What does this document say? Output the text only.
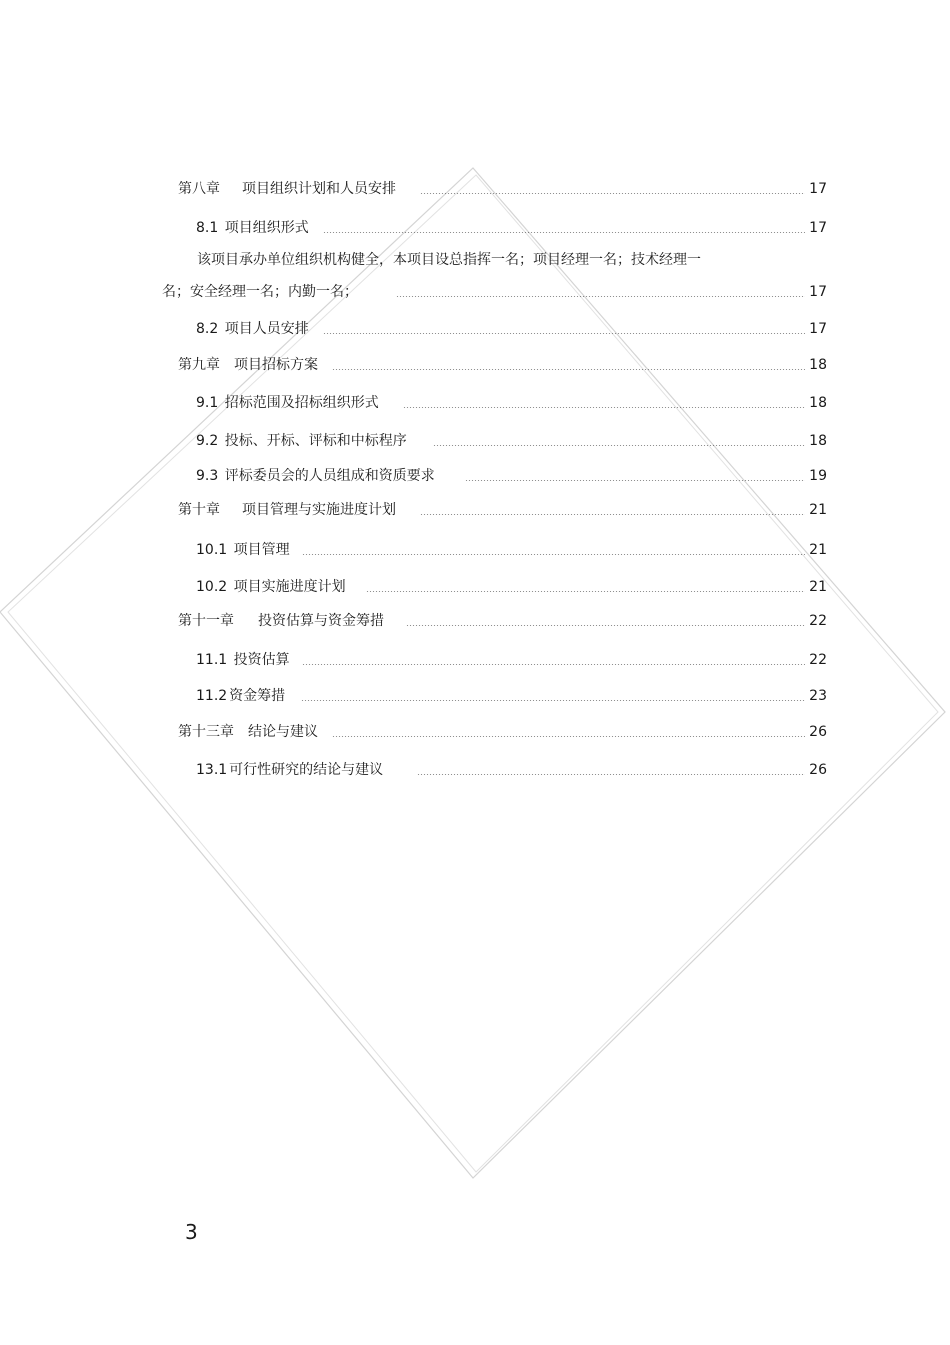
第八章 项目组织计划和人员安排	17
8.1 项目组织形式	17
该项目承办单位组织机构健全，本项目设总指挥一名；项目经理一名；技术经理一
名；安全经理一名；内勤一名；	17
8.2 项目人员安排	17
第九章 项目招标方案	18
9.1 招标范围及招标组织形式	18
9.2 投标、开标、评标和中标程序	18
9.3 评标委员会的人员组成和资质要求	19
第十章 项目管理与实施进度计划	21
10.1 项目管理	21
10.2 项目实施进度计划	21
第十一章 投资估算与资金筹措	22
11.1 投资估算	22
11.2 资金筹措	23
第十三章 结论与建议	26
13.1 可行性研究的结论与建议	26
3
